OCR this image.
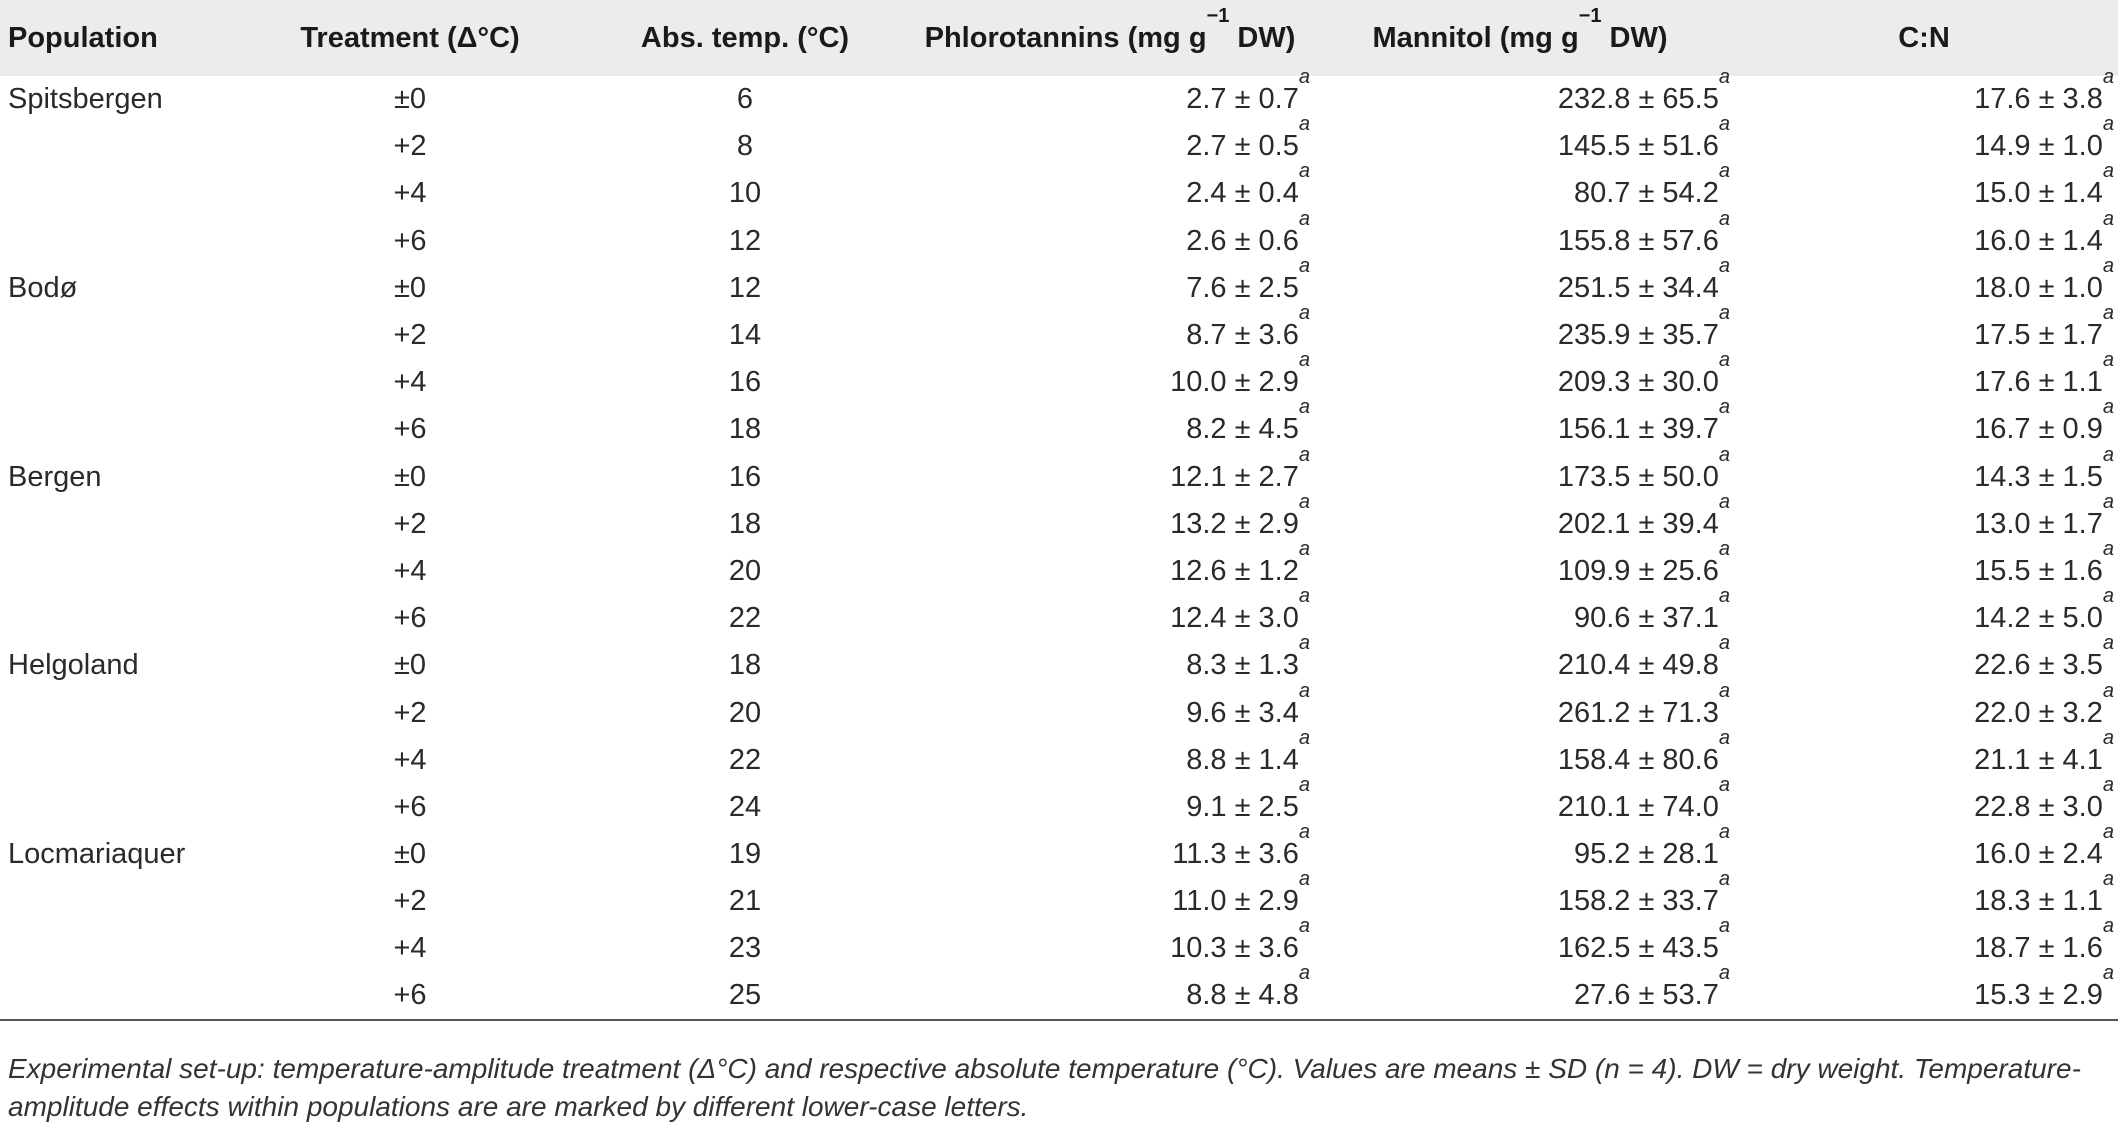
Population	Treatment (Δ°C)	Abs. temp. (°C)	Phlorotannins (mg $g^{-1}$ DW)	Mannitol (mg $g^{-1}$ DW)	C:N
Spitsbergen	±0	6	2.7 ± 0.7$^a$	232.8 ± 65.5$^a$	17.6 ± 3.8$^a$
	+2	8	2.7 ± 0.5$^a$	145.5 ± 51.6$^a$	14.9 ± 1.0$^a$
	+4	10	2.4 ± 0.4$^a$	80.7 ± 54.2$^a$	15.0 ± 1.4$^a$
	+6	12	2.6 ± 0.6$^a$	155.8 ± 57.6$^a$	16.0 ± 1.4$^a$
Bodø	±0	12	7.6 ± 2.5$^a$	251.5 ± 34.4$^a$	18.0 ± 1.0$^a$
	+2	14	8.7 ± 3.6$^a$	235.9 ± 35.7$^a$	17.5 ± 1.7$^a$
	+4	16	10.0 ± 2.9$^a$	209.3 ± 30.0$^a$	17.6 ± 1.1$^a$
	+6	18	8.2 ± 4.5$^a$	156.1 ± 39.7$^a$	16.7 ± 0.9$^a$
Bergen	±0	16	12.1 ± 2.7$^a$	173.5 ± 50.0$^a$	14.3 ± 1.5$^a$
	+2	18	13.2 ± 2.9$^a$	202.1 ± 39.4$^a$	13.0 ± 1.7$^a$
	+4	20	12.6 ± 1.2$^a$	109.9 ± 25.6$^a$	15.5 ± 1.6$^a$
	+6	22	12.4 ± 3.0$^a$	90.6 ± 37.1$^a$	14.2 ± 5.0$^a$
Helgoland	±0	18	8.3 ± 1.3$^a$	210.4 ± 49.8$^a$	22.6 ± 3.5$^a$
	+2	20	9.6 ± 3.4$^a$	261.2 ± 71.3$^a$	22.0 ± 3.2$^a$
	+4	22	8.8 ± 1.4$^a$	158.4 ± 80.6$^a$	21.1 ± 4.1$^a$
	+6	24	9.1 ± 2.5$^a$	210.1 ± 74.0$^a$	22.8 ± 3.0$^a$
Locmariaquer	±0	19	11.3 ± 3.6$^a$	95.2 ± 28.1$^a$	16.0 ± 2.4$^a$
	+2	21	11.0 ± 2.9$^a$	158.2 ± 33.7$^a$	18.3 ± 1.1$^a$
	+4	23	10.3 ± 3.6$^a$	162.5 ± 43.5$^a$	18.7 ± 1.6$^a$
	+6	25	8.8 ± 4.8$^a$	27.6 ± 53.7$^a$	15.3 ± 2.9$^a$
Experimental set-up: temperature-amplitude treatment (Δ°C) and respective absolute temperature (°C). Values are means ± SD (n = 4). DW = dry weight. Temperature-amplitude effects within populations are are marked by different lower-case letters.
